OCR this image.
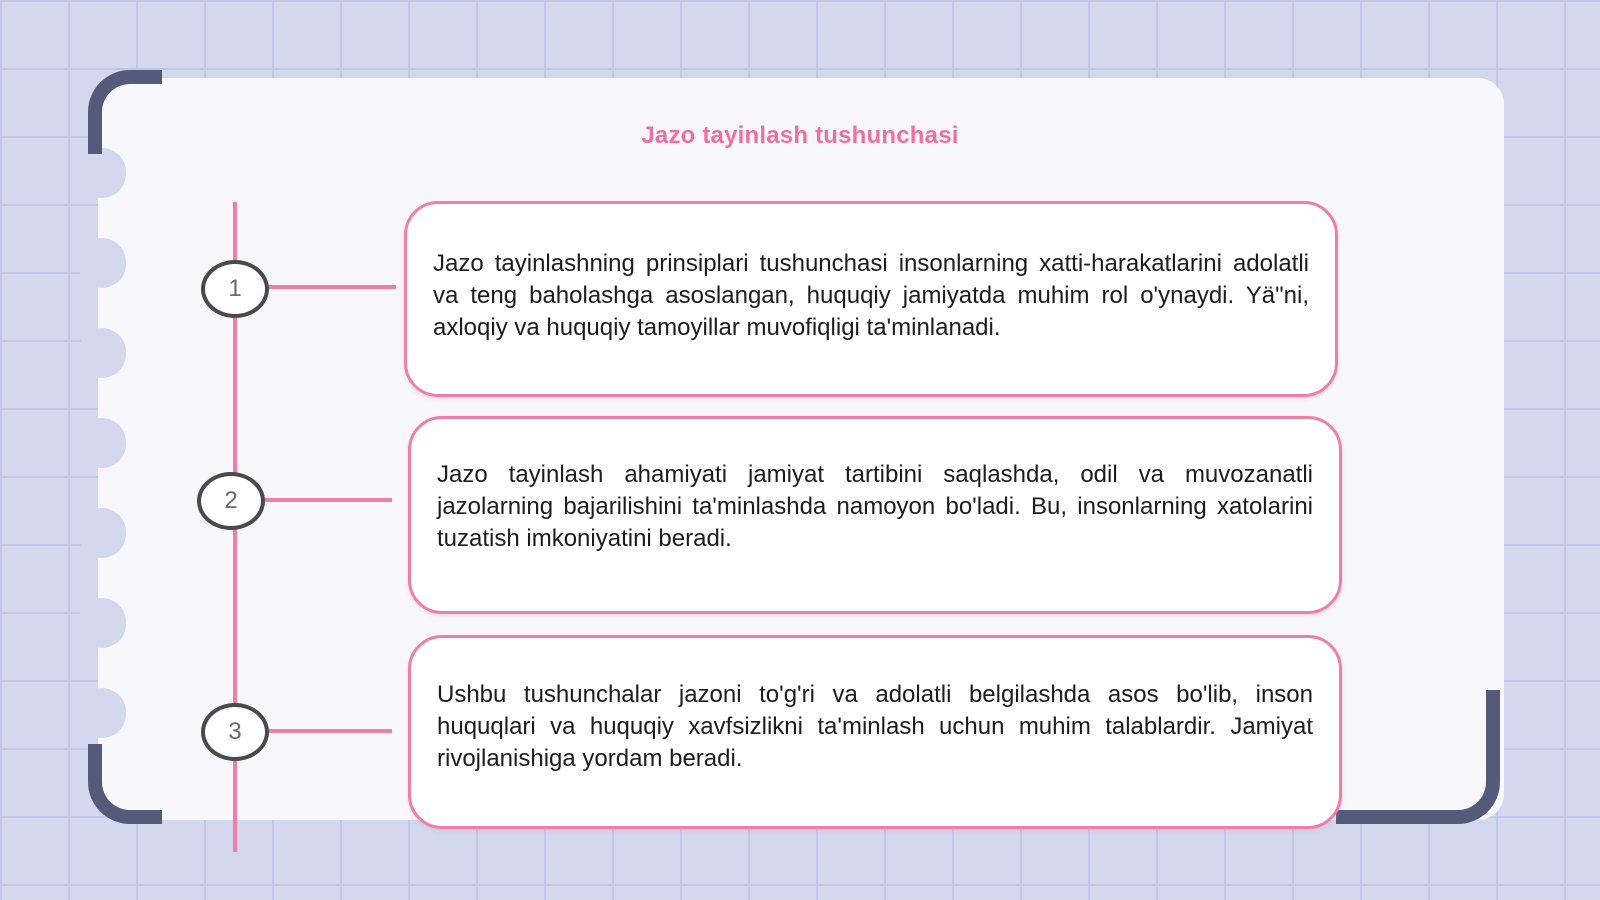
Jazo tayinlash tushunchasi
1
2
3

Jazo tayinlashning prinsiplari tushunchasi insonlarning xatti-harakatlarini adolatli va teng baholashga asoslangan, huquqiy jamiyatda muhim rol o'ynaydi. Yä"ni, axloqiy va huquqiy tamoyillar muvofiqligi ta'minlanadi.

Jazo tayinlash ahamiyati jamiyat tartibini saqlashda, odil va muvozanatli jazolarning bajarilishini ta'minlashda namoyon bo'ladi. Bu, insonlarning xatolarini tuzatish imkoniyatini beradi.

Ushbu tushunchalar jazoni to'g'ri va adolatli belgilashda asos bo'lib, inson huquqlari va huquqiy xavfsizlikni ta'minlash uchun muhim talablardir. Jamiyat rivojlanishiga yordam beradi.
